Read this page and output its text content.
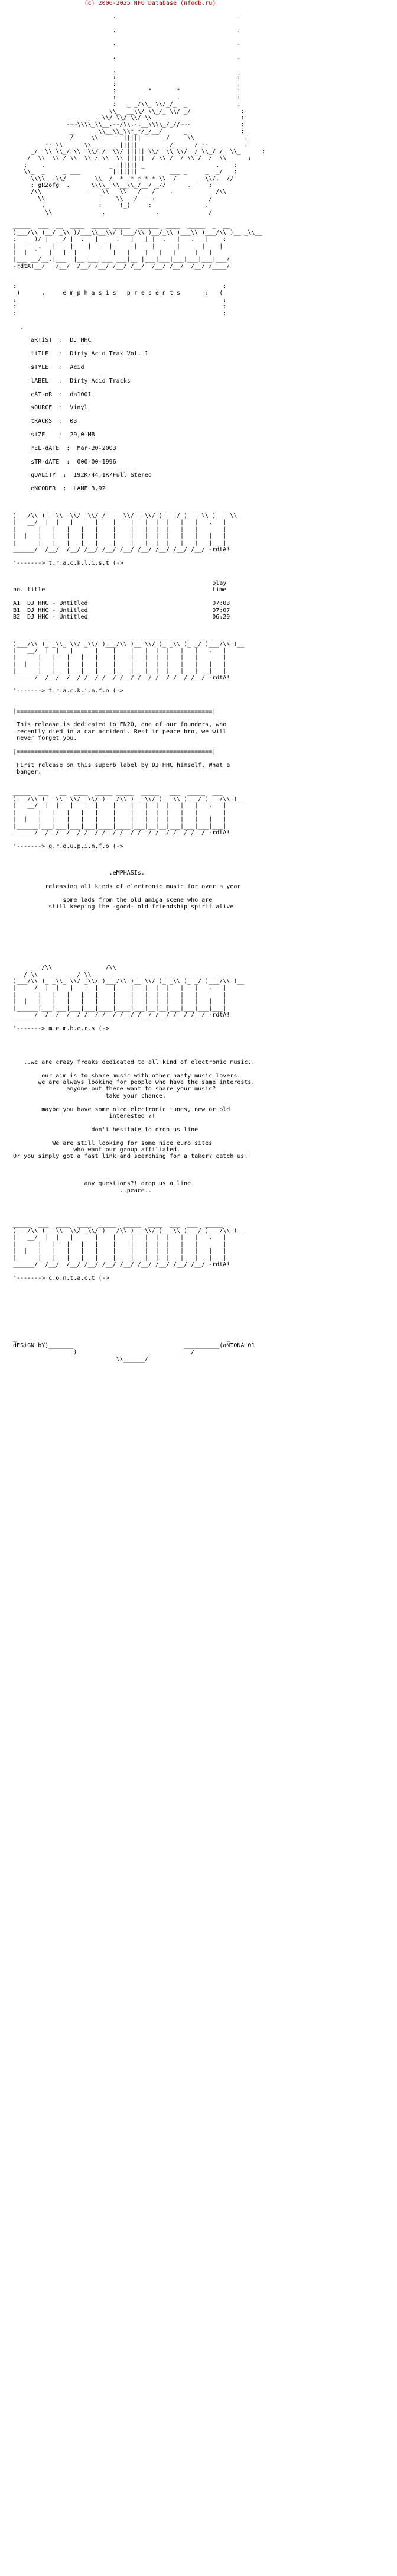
(c) 2006-2025 NFO Database (nfodb.ru)

.                                  .

.                                  .

.                                  .

.                                  .

.                                  .
:                                  :
:                                  :
:         *       *                :
:      .          .                :
:   _ _/\\_ \\/_/_  _              :
\\_  __\\/ \\_/_ \\/ _/              :
_ ___ ____\\/ \\/ \\/ \\_____ ___ _              :
-~~\\\\_\\__.--/\\.-.__\\\\_/_//~~-              :
_       \\__\\_\\*_*/_/__/      _               :
_/     \\_      |||||      _/     \\_             :
_ -- \\_  ___\\__ ____ |||||  ____ __/___  _/ -- _        :
_/  \\ \\_/ \\  \\/ /  \\/ ||||| \\/  \\ \\/  / \\_/ /  \\_      :
_/  \\  \\_/ \\  \\_/ \\  \\ |||||  / \\_/  / \\_/  /  \\_     :
:    .                  _ |||||| _                    .    :
\\_  _     _ ___         |||||||         ___ _     _  _/   :
\\\\  .\\/ _      \\  /  * _*_*_* * \\  /      _ \\/.  //
: gRZofg  .      \\\\_ \\__\\_/__/ _//      .     :
/\\            .    \\__ \\   / __/    .            /\\
\\               :    \\___/    :               /
.               :     (_)     :               .
\\              .              .              /

_____  ___  __  ____  _____ _____  ______  ____  _____  _  __
)___/\\ )__/ _\\ )/___\\__\\/ )___/\\ )__/_\\ )___\\ )___/\\ )__ _\\__
:   __)/ |  __/ |  .   |  _  .   |   | |  .   |   .   |    :
|      .   |    |    |     |      |    |      |      |    |
|  |  `   |   |  |      |   |   |    |   |   |     |   |
|___ __/__.|___  |__|___|___ ___|__ |___|___|___|___|___|___/
-rdtA!__/   /__/  /__/ /__/ /__/ /__/  /__/ /__/  /__/ /____/

_                                                          _
:                                                          :
_)      .     e m p h a s i s   p r e s e n t s       :   (_
:                                                          :
:                                                          :
:                                                          :

.

aRTiST  :  DJ HHC

tiTLE   :  Dirty Acid Trax Vol. 1

sTYLE   :  Acid

lABEL   :  Dirty Acid Tracks

cAT-nR  :  da1001

sOURCE  :  Vinyl

tRACKS  :  03

siZE    :  29,0 MB

rEL-dATE  :  Mar-20-2003

sTR-dATE  :  000-00-1996

qUALiTY  :  192K/44,1K/Full Stereo

eNCODER  :  LAME 3.92

_____  ___   __  ____  ____  _____ ____  __  _____  _____  __
)___/\\ )_ _\\_ \\/ _\\/ /____ \\/__ \\/ )__ _/ )___ \\ )__ _\\
|   __/  |  |   |   |  |    |    |   |  |  |   |   |   .   |
|      |   |   |   |   |    |    |   |  |  |   |   |       |
|  |   |   |   |   |   |    |    |   |  |  |   |   |   |   |
|______|___|___|___|___|____|____|___|__|__|___|___|___|___|
______/  /__/  /__/ /__/ /__/ /__/ /__/ /__/ /__/ /__/ -rdtA!

'-------> t.r.a.c.k.l.i.s.t (->

play
no. title                                               time

A1  DJ HHC - Untitled                                   07:03
B1  DJ HHC - Untitled                                   07:07
B2  DJ HHC - Untitled                                   06:29

_____  ___   __  ____  _____ _____  _____   ___  _____  ___
)___/\\ )_ _\\_ \\/ _\\/ )___/\\ )__ \\/ )_ _\\ )_ _/ )___/\\ )__
|   __/  |  |   |   |  |    |    |   |  |  |   |   |   .   |
|      |   |   |   |   |    |    |   |  |  |   |   |       |
|  |   |   |   |   |   |    |    |   |  |  |   |   |   |   |
|______|___|___|___|___|____|____|___|__|__|___|___|___|___|
______/  /__/  /__/ /__/ /__/ /__/ /__/ /__/ /__/ /__/ -rdtA!

'-------> t.r.a.c.k.i.n.f.o (->

|=======================================================|

This release is dedicated to EN20, one of our founders, who
recently died in a car accident. Rest in peace bro, we will
never forget you.

|=======================================================|

First release on this superb label by DJ HHC himself. What a
banger.

_____  ___   __  ____  _____ _____  _____   ___  _____  ___
)___/\\ )_ _\\_ \\/ _\\/ )___/\\ )__ \\/ )_ _\\ )_ _/ )___/\\ )__
|   __/  |  |   |   |  |    |    |   |  |  |   |   |   .   |
|      |   |   |   |   |    |    |   |  |  |   |   |       |
|  |   |   |   |   |   |    |    |   |  |  |   |   |   |   |
|______|___|___|___|___|____|____|___|__|__|___|___|___|___|
______/  /__/  /__/ /__/ /__/ /__/ /__/ /__/ /__/ /__/ -rdtA!

'-------> g.r.o.u.p.i.n.f.o (->

.eMPHASIs.

releasing all kinds of electronic music for over a year

some lads from the old amiga scene who are
still keeping the -good- old friendship spirit alive

/\\               /\\
___/ \\______  ___/ \\______  _____  ______  _____  _____
)___/\\ )_ _\\_ \\/ _\\/ )___/\\ )__ \\/ )_ _\\ )_ _/ )___/\\ )__
|   __/  |  |   |   |  |    |    |   |  |  |   |   |   .   |
|      |   |   |   |   |    |    |   |  |  |   |   |       |
|  |   |   |   |   |   |    |    |   |  |  |   |   |   |   |
|______|___|___|___|___|____|____|___|__|__|___|___|___|___|
______/  /__/  /__/ /__/ /__/ /__/ /__/ /__/ /__/ /__/ -rdtA!

'-------> m.e.m.b.e.r.s (->

..we are crazy freaks dedicated to all kind of electronic music..

our aim is to share music with other nasty music lovers.
we are always looking for people who have the same interests.
anyone out there want to share your music?
take your chance.

maybe you have some nice electronic tunes, new or old
interested ?!

don't hesitate to drop us line

We are still looking for some nice euro sites
who want our group affiliated.
Or you simply got a fast link and searching for a taker? catch us!

any questions?! drop us a line
..peace..

_____  ___  ____  ____  _____  _____  ____  ___  ___  _____
)___/\\ )_ _\\_ \\/ _\\/ )___/\\ )__ \\/ )_ _\\ )_ _/ )___/\\ )__
|   __/  |  |   |   |  |    |    |   |  |  |   |   |   .   |
|      |   |   |   |   |    |    |   |  |  |   |   |       |
|  |   |   |   |   |   |    |    |   |  |  |   |   |   |   |
|______|___|___|___|___|____|____|___|__|__|___|___|___|___|
______/  /__/  /__/ /__/ /__/ /__/ /__/ /__/ /__/ /__/ -rdtA!

'-------> c.o.n.t.a.c.t (->

_                                                           _
dESiGN bY)_______                               __________(aNTONA'01
)___________        _____________/
\\______/
